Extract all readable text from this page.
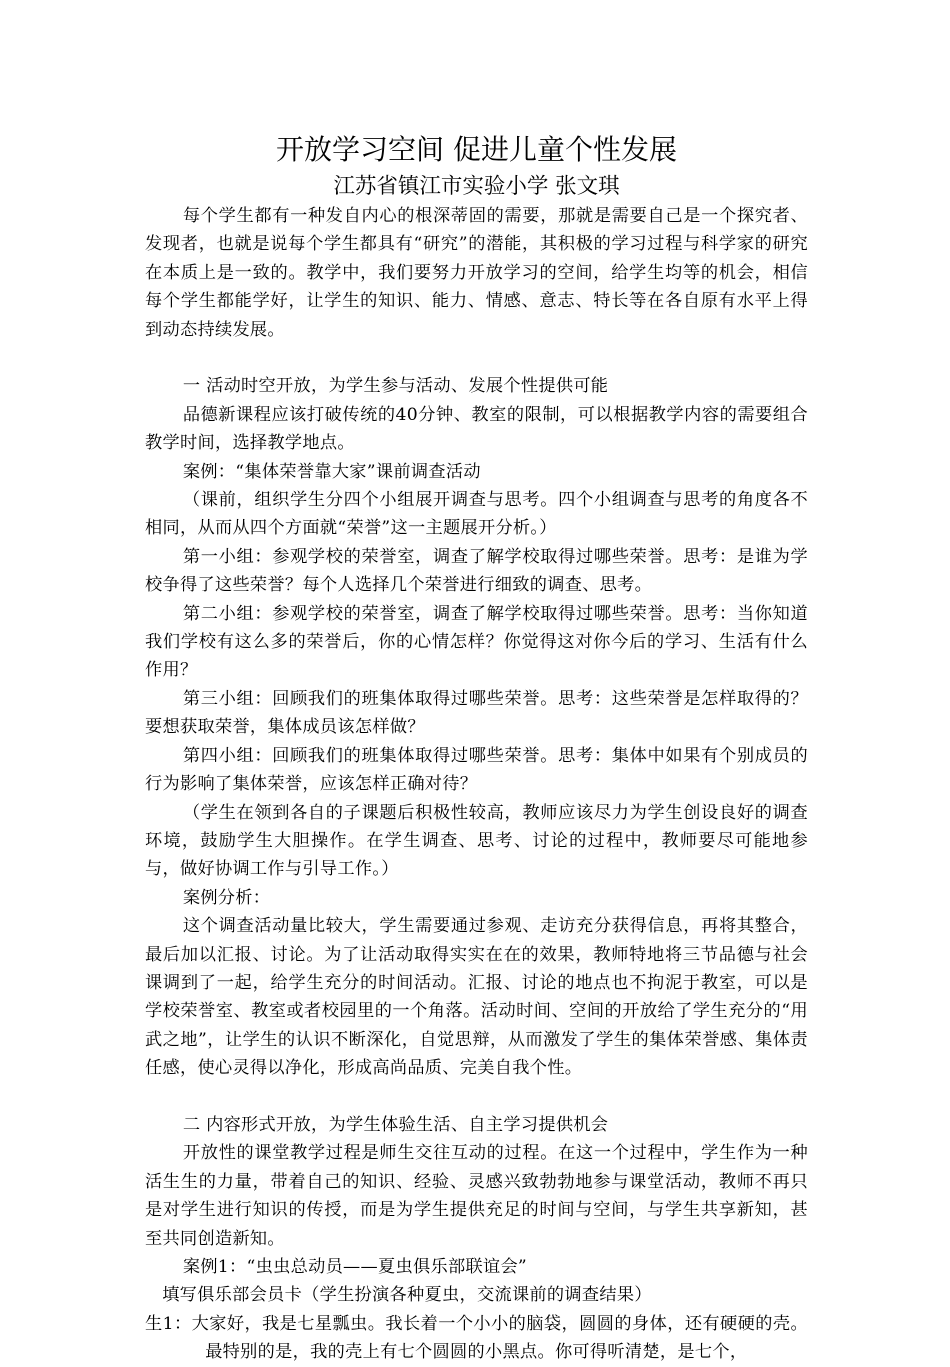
开放学习空间 促进儿童个性发展
江苏省镇江市实验小学 张文琪

每个学生都有一种发自内心的根深蒂固的需要，那就是需要自己是一个探究者、发现者，也就是说每个学生都具有“研究”的潜能，其积极的学习过程与科学家的研究在本质上是一致的。教学中，我们要努力开放学习的空间，给学生均等的机会，相信每个学生都能学好，让学生的知识、能力、情感、意志、特长等在各自原有水平上得到动态持续发展。

一 活动时空开放，为学生参与活动、发展个性提供可能

品德新课程应该打破传统的40分钟、教室的限制，可以根据教学内容的需要组合教学时间，选择教学地点。

案例：“集体荣誉靠大家”课前调查活动

（课前，组织学生分四个小组展开调查与思考。四个小组调查与思考的角度各不相同，从而从四个方面就“荣誉”这一主题展开分析。）

第一小组：参观学校的荣誉室，调查了解学校取得过哪些荣誉。思考：是谁为学校争得了这些荣誉？每个人选择几个荣誉进行细致的调查、思考。

第二小组：参观学校的荣誉室，调查了解学校取得过哪些荣誉。思考：当你知道我们学校有这么多的荣誉后，你的心情怎样？你觉得这对你今后的学习、生活有什么作用？

第三小组：回顾我们的班集体取得过哪些荣誉。思考：这些荣誉是怎样取得的？要想获取荣誉，集体成员该怎样做？

第四小组：回顾我们的班集体取得过哪些荣誉。思考：集体中如果有个别成员的行为影响了集体荣誉，应该怎样正确对待？

（学生在领到各自的子课题后积极性较高，教师应该尽力为学生创设良好的调查环境，鼓励学生大胆操作。在学生调查、思考、讨论的过程中，教师要尽可能地参与，做好协调工作与引导工作。）

案例分析：

这个调查活动量比较大，学生需要通过参观、走访充分获得信息，再将其整合，最后加以汇报、讨论。为了让活动取得实实在在的效果，教师特地将三节品德与社会课调到了一起，给学生充分的时间活动。汇报、讨论的地点也不拘泥于教室，可以是学校荣誉室、教室或者校园里的一个角落。活动时间、空间的开放给了学生充分的“用武之地”，让学生的认识不断深化，自觉思辩，从而激发了学生的集体荣誉感、集体责任感，使心灵得以净化，形成高尚品质、完美自我个性。

二 内容形式开放，为学生体验生活、自主学习提供机会

开放性的课堂教学过程是师生交往互动的过程。在这一个过程中，学生作为一种活生生的力量，带着自己的知识、经验、灵感兴致勃勃地参与课堂活动，教师不再只是对学生进行知识的传授，而是为学生提供充足的时间与空间，与学生共享新知，甚至共同创造新知。

案例1：“虫虫总动员——夏虫俱乐部联谊会”

填写俱乐部会员卡（学生扮演各种夏虫，交流课前的调查结果）

生1：大家好，我是七星瓢虫。我长着一个小小的脑袋，圆圆的身体，还有硬硬的壳。最特别的是，我的壳上有七个圆圆的小黑点。你可得听清楚，是七个，
